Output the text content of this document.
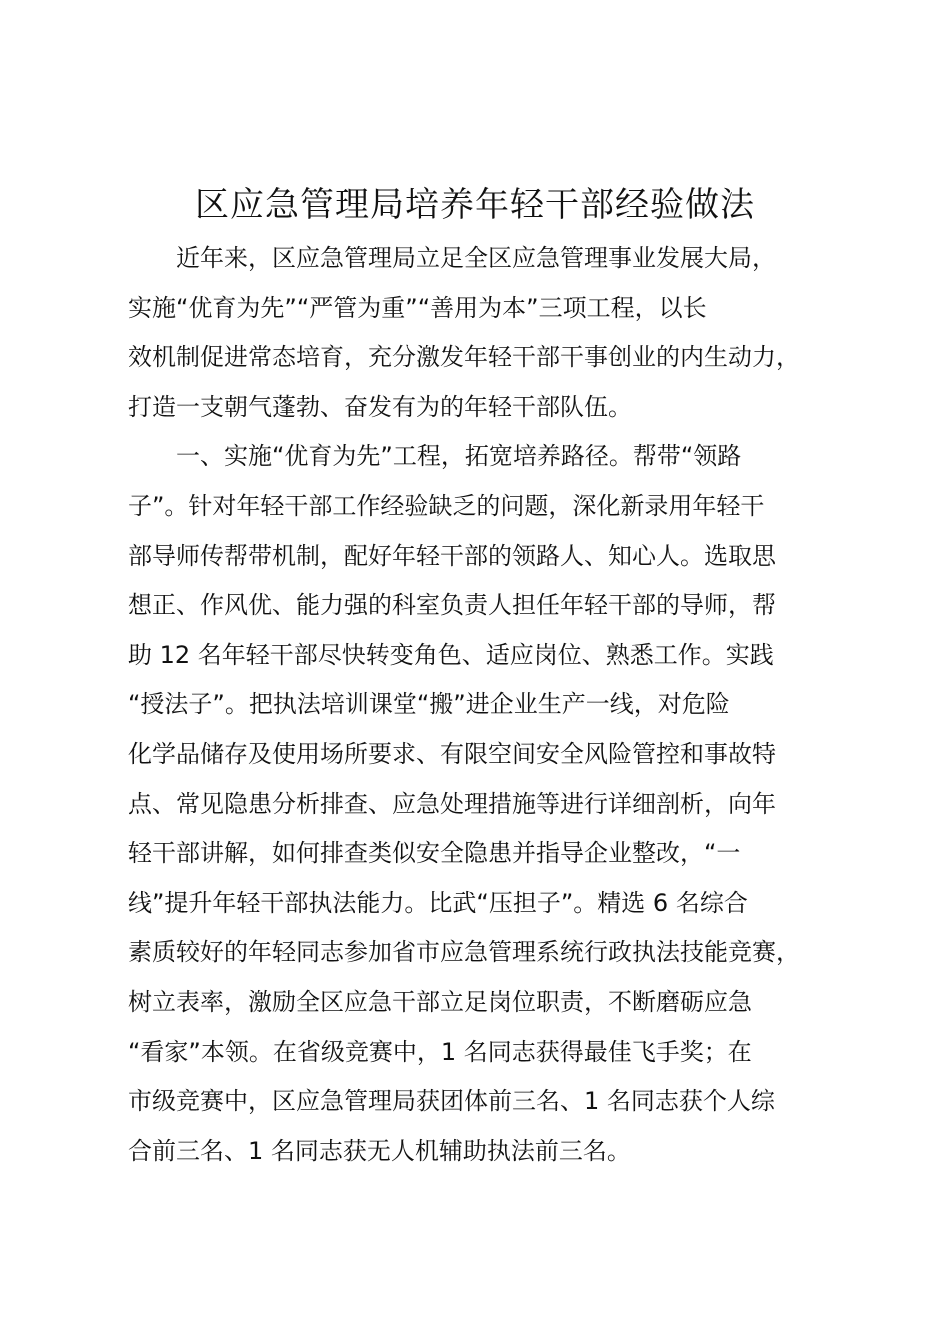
区应急管理局培养年轻干部经验做法
近年来，区应急管理局立足全区应急管理事业发展大局，
实施“优育为先”“严管为重”“善用为本”三项工程，以长
效机制促进常态培育，充分激发年轻干部干事创业的内生动力，
打造一支朝气蓬勃、奋发有为的年轻干部队伍。
一、实施“优育为先”工程，拓宽培养路径。帮带“领路
子”。针对年轻干部工作经验缺乏的问题，深化新录用年轻干
部导师传帮带机制，配好年轻干部的领路人、知心人。选取思
想正、作风优、能力强的科室负责人担任年轻干部的导师，帮
助 12 名年轻干部尽快转变角色、适应岗位、熟悉工作。实践
“授法子”。把执法培训课堂“搬”进企业生产一线，对危险
化学品储存及使用场所要求、有限空间安全风险管控和事故特
点、常见隐患分析排查、应急处理措施等进行详细剖析，向年
轻干部讲解，如何排查类似安全隐患并指导企业整改，“一
线”提升年轻干部执法能力。比武“压担子”。精选 6 名综合
素质较好的年轻同志参加省市应急管理系统行政执法技能竞赛，
树立表率，激励全区应急干部立足岗位职责，不断磨砺应急
“看家”本领。在省级竞赛中，1 名同志获得最佳飞手奖；在
市级竞赛中，区应急管理局获团体前三名、1 名同志获个人综
合前三名、1 名同志获无人机辅助执法前三名。
